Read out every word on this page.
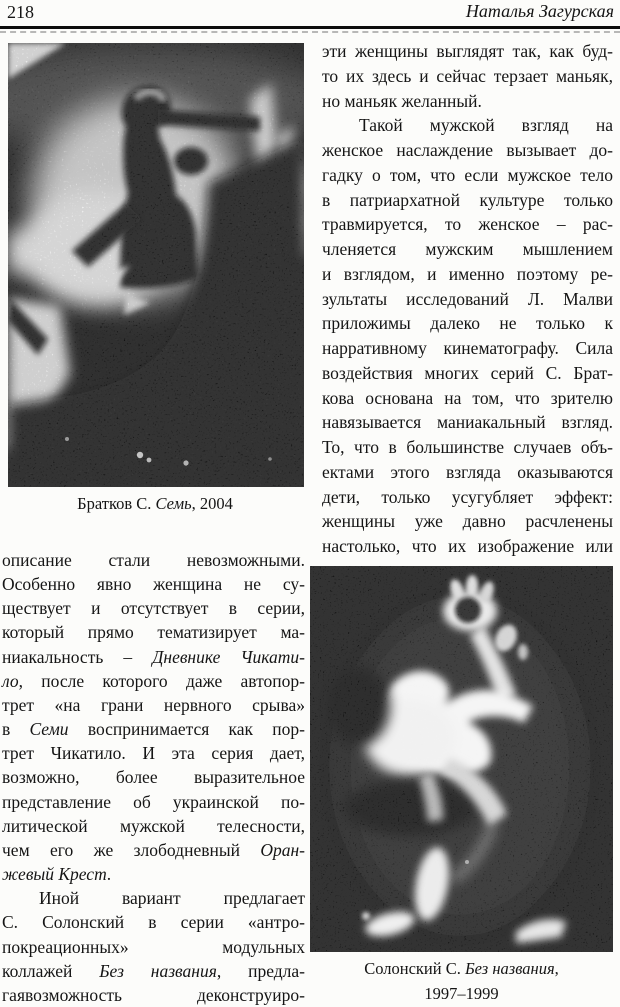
218	Наталья Загурская
Братков С. Семь, 2004
описание стали невозможными.
Особенно явно женщина не су-
ществует и отсутствует в серии,
который прямо тематизирует ма-
ниакальность – Дневнике Чикати-
ло, после которого даже автопор-
трет «на грани нервного срыва»
в Семи воспринимается как пор-
трет Чикатило. И эта серия дает,
возможно, более выразительное
представление об украинской по-
литической мужской телесности,
чем его же злободневный Оран-
жевый Крест.
Иной вариант предлагает
С. Солонский в серии «антро-
покреационных» модульных
коллажей Без названия, предла-
гаявозможность деконструиро-
эти женщины выглядят так, как буд-
то их здесь и сейчас терзает маньяк,
но маньяк желанный.
Такой мужской взгляд на
женское наслаждение вызывает до-
гадку о том, что если мужское тело
в патриархатной культуре только
травмируется, то женское – рас-
членяется мужским мышлением
и взглядом, и именно поэтому ре-
зультаты исследований Л. Малви
приложимы далеко не только к
нарративному кинематографу. Сила
воздействия многих серий С. Брат-
кова основана на том, что зрителю
навязывается маниакальный взгляд.
То, что в большинстве случаев объ-
ектами этого взгляда оказываются
дети, только усугубляет эффект:
женщины уже давно расчленены
настолько, что их изображение или
Солонский С. Без названия,
1997–1999
